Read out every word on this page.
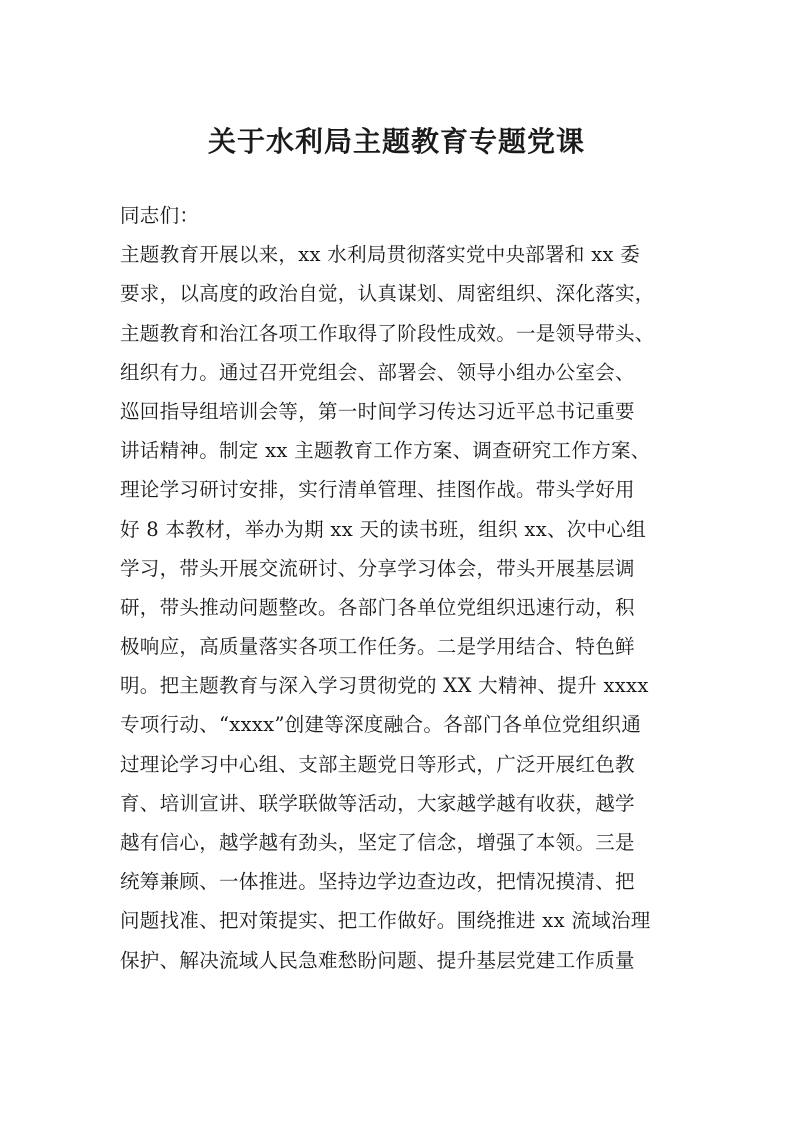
关于水利局主题教育专题党课
同志们：
主题教育开展以来，xx 水利局贯彻落实党中央部署和 xx 委
要求，以高度的政治自觉，认真谋划、周密组织、深化落实，
主题教育和治江各项工作取得了阶段性成效。一是领导带头、
组织有力。通过召开党组会、部署会、领导小组办公室会、
巡回指导组培训会等，第一时间学习传达习近平总书记重要
讲话精神。制定 xx 主题教育工作方案、调查研究工作方案、
理论学习研讨安排，实行清单管理、挂图作战。带头学好用
好 8 本教材，举办为期 xx 天的读书班，组织 xx、次中心组
学习，带头开展交流研讨、分享学习体会，带头开展基层调
研，带头推动问题整改。各部门各单位党组织迅速行动，积
极响应，高质量落实各项工作任务。二是学用结合、特色鲜
明。把主题教育与深入学习贯彻党的 XX 大精神、提升 xxxx
专项行动、“xxxx”创建等深度融合。各部门各单位党组织通
过理论学习中心组、支部主题党日等形式，广泛开展红色教
育、培训宣讲、联学联做等活动，大家越学越有收获，越学
越有信心，越学越有劲头，坚定了信念，增强了本领。三是
统筹兼顾、一体推进。坚持边学边查边改，把情况摸清、把
问题找准、把对策提实、把工作做好。围绕推进 xx 流域治理
保护、解决流域人民急难愁盼问题、提升基层党建工作质量
